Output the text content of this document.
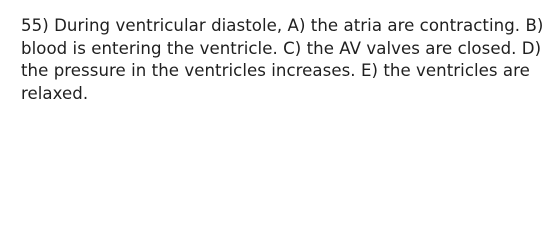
55) During ventricular diastole, A) the atria are contracting. B) blood is entering the ventricle. C) the AV valves are closed. D) the pressure in the ventricles increases. E) the ventricles are relaxed.
